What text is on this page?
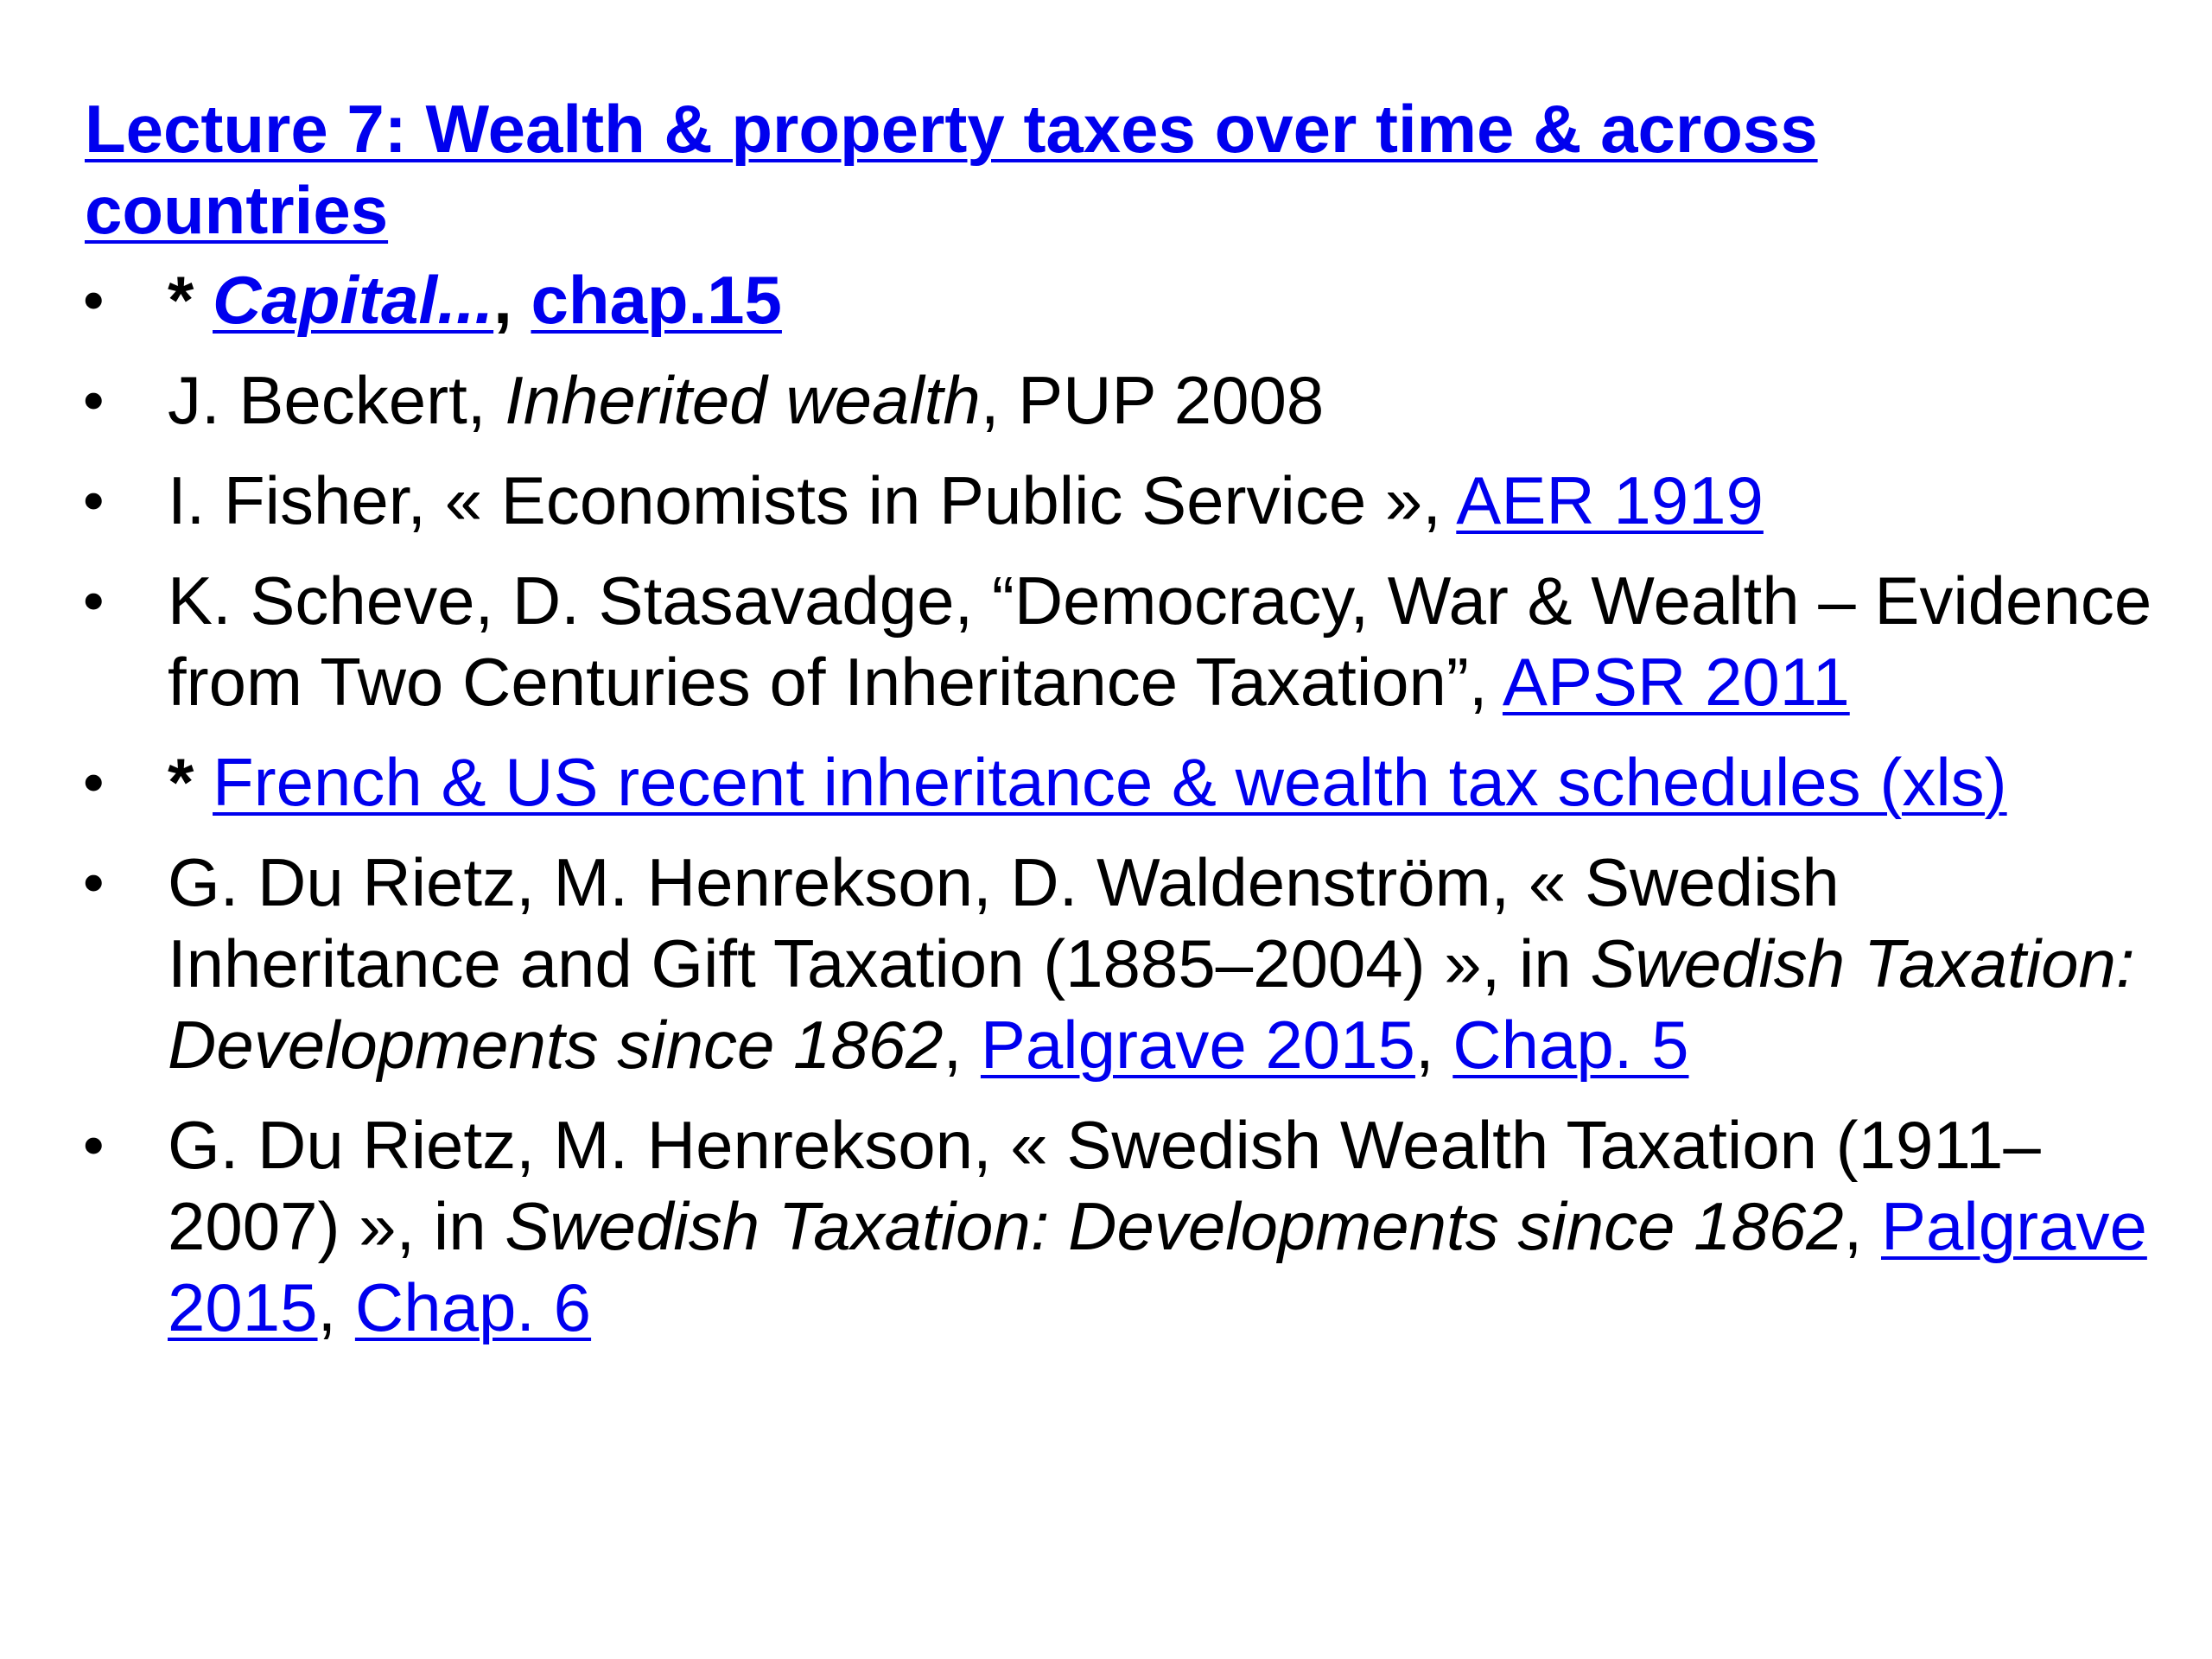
Lecture 7: Wealth & property taxes over time & across countries
• * Capital..., chap.15
• J. Beckert, Inherited wealth, PUP 2008
• I. Fisher, « Economists in Public Service », AER 1919
• K. Scheve, D. Stasavadge, “Democracy, War & Wealth – Evidence from Two Centuries of Inheritance Taxation”, APSR 2011
• * French & US recent inheritance & wealth tax schedules (xls)
• G. Du Rietz, M. Henrekson, D. Waldenström, « Swedish Inheritance and Gift Taxation (1885–2004) », in Swedish Taxation: Developments since 1862, Palgrave 2015, Chap. 5
• G. Du Rietz, M. Henrekson, « Swedish Wealth Taxation (1911–2007) », in Swedish Taxation: Developments since 1862, Palgrave 2015, Chap. 6
